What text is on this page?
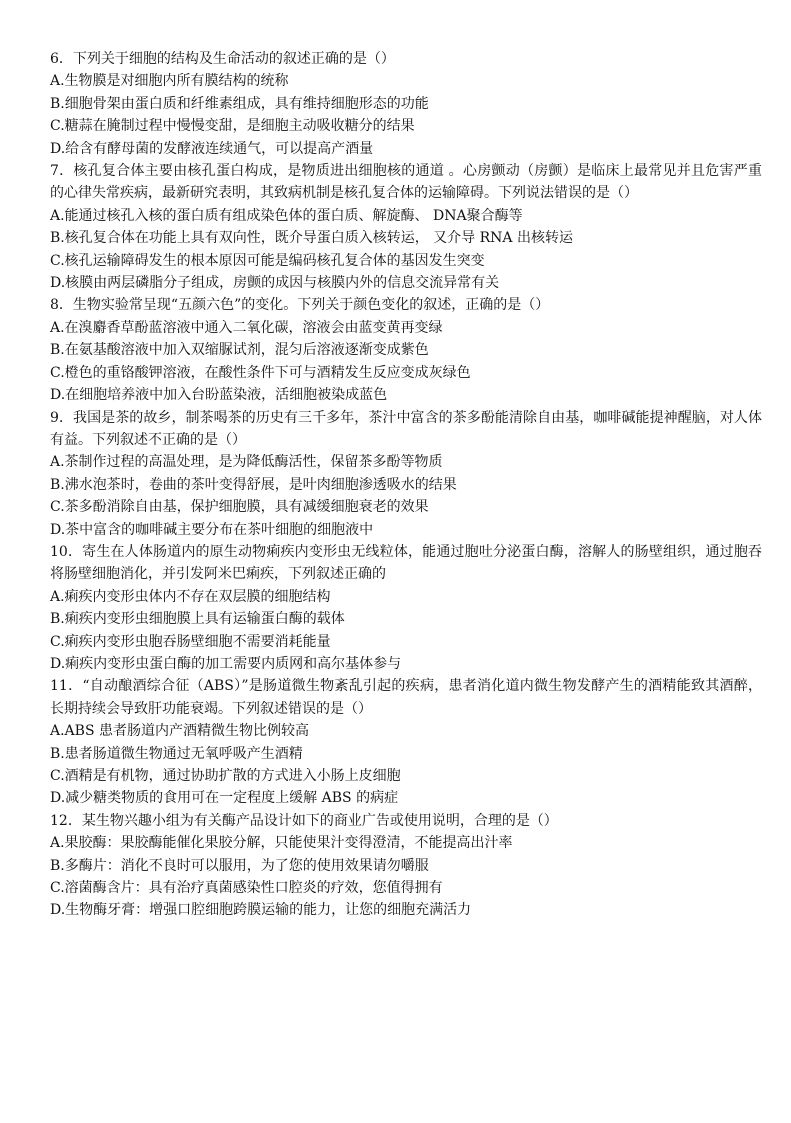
6．下列关于细胞的结构及生命活动的叙述正确的是（）

A.生物膜是对细胞内所有膜结构的统称

B.细胞骨架由蛋白质和纤维素组成，具有维持细胞形态的功能

C.糖蒜在腌制过程中慢慢变甜，是细胞主动吸收糖分的结果

D.给含有酵母菌的发酵液连续通气，可以提高产酒量

7．核孔复合体主要由核孔蛋白构成，是物质进出细胞核的通道 。心房颤动（房颤）是临床上最常见并且危害严重的心律失常疾病，最新研究表明，其致病机制是核孔复合体的运输障碍。下列说法错误的是（）

A.能通过核孔入核的蛋白质有组成染色体的蛋白质、解旋酶、 DNA聚合酶等

B.核孔复合体在功能上具有双向性，既介导蛋白质入核转运， 又介导 RNA 出核转运

C.核孔运输障碍发生的根本原因可能是编码核孔复合体的基因发生突变

D.核膜由两层磷脂分子组成，房颤的成因与核膜内外的信息交流异常有关

8．生物实验常呈现“五颜六色”的变化。下列关于颜色变化的叙述，正确的是（）

A.在溴麝香草酚蓝溶液中通入二氧化碳，溶液会由蓝变黄再变绿

B.在氨基酸溶液中加入双缩脲试剂，混匀后溶液逐渐变成紫色

C.橙色的重铬酸钾溶液，在酸性条件下可与酒精发生反应变成灰绿色

D.在细胞培养液中加入台盼蓝染液，活细胞被染成蓝色

9．我国是茶的故乡，制茶喝茶的历史有三千多年，茶汁中富含的茶多酚能清除自由基，咖啡碱能提神醒脑，对人体有益。下列叙述不正确的是（）

A.茶制作过程的高温处理，是为降低酶活性，保留茶多酚等物质

B.沸水泡茶时，卷曲的茶叶变得舒展，是叶肉细胞渗透吸水的结果

C.茶多酚消除自由基，保护细胞膜，具有减缓细胞衰老的效果

D.茶中富含的咖啡碱主要分布在茶叶细胞的细胞液中

10．寄生在人体肠道内的原生动物痢疾内变形虫无线粒体，能通过胞吐分泌蛋白酶，溶解人的肠壁组织，通过胞吞将肠壁细胞消化，并引发阿米巴痢疾，下列叙述正确的

A.痢疾内变形虫体内不存在双层膜的细胞结构

B.痢疾内变形虫细胞膜上具有运输蛋白酶的载体

C.痢疾内变形虫胞吞肠壁细胞不需要消耗能量

D.痢疾内变形虫蛋白酶的加工需要内质网和高尔基体参与

11．“自动酿酒综合征（ABS）”是肠道微生物紊乱引起的疾病，患者消化道内微生物发酵产生的酒精能致其酒醉，长期持续会导致肝功能衰竭。下列叙述错误的是（）

A.ABS 患者肠道内产酒精微生物比例较高

B.患者肠道微生物通过无氧呼吸产生酒精

C.酒精是有机物，通过协助扩散的方式进入小肠上皮细胞

D.减少糖类物质的食用可在一定程度上缓解 ABS 的病症

12．某生物兴趣小组为有关酶产品设计如下的商业广告或使用说明，合理的是（）

A.果胶酶：果胶酶能催化果胶分解，只能使果汁变得澄清，不能提高出汁率

B.多酶片：消化不良时可以服用，为了您的使用效果请勿嚼服

C.溶菌酶含片：具有治疗真菌感染性口腔炎的疗效，您值得拥有

D.生物酶牙膏：增强口腔细胞跨膜运输的能力，让您的细胞充满活力
